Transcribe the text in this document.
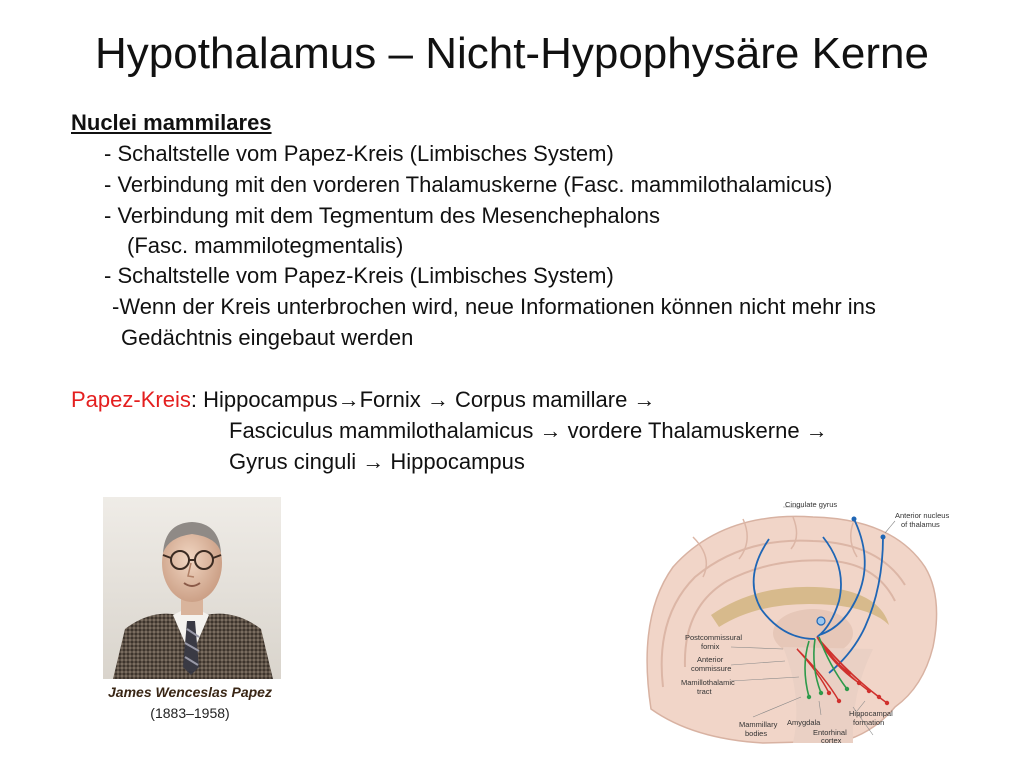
Hypothalamus – Nicht-Hypophysäre Kerne
Nuclei mammilares
- Schaltstelle vom Papez-Kreis (Limbisches System)
- Verbindung mit den vorderen Thalamuskerne (Fasc. mammilothalamicus)
- Verbindung mit dem Tegmentum des Mesenchephalons
(Fasc. mammilotegmentalis)
- Schaltstelle vom Papez-Kreis (Limbisches System)
-Wenn der Kreis unterbrochen wird, neue Informationen können nicht mehr ins
Gedächtnis eingebaut werden
Papez-Kreis: Hippocampus→Fornix → Corpus mamillare →
Fasciculus mammilothalamicus → vordere Thalamuskerne →
Gyrus cinguli → Hippocampus
James Wenceslas Papez
(1883–1958)
Cingulate gyrus
Anterior nucleus
of thalamus
Postcommissural
fornix
Anterior
commissure
Mamillothalamic
tract
Mammillary
bodies
Amygdala
Hippocampal
formation
Entorhinal
cortex
